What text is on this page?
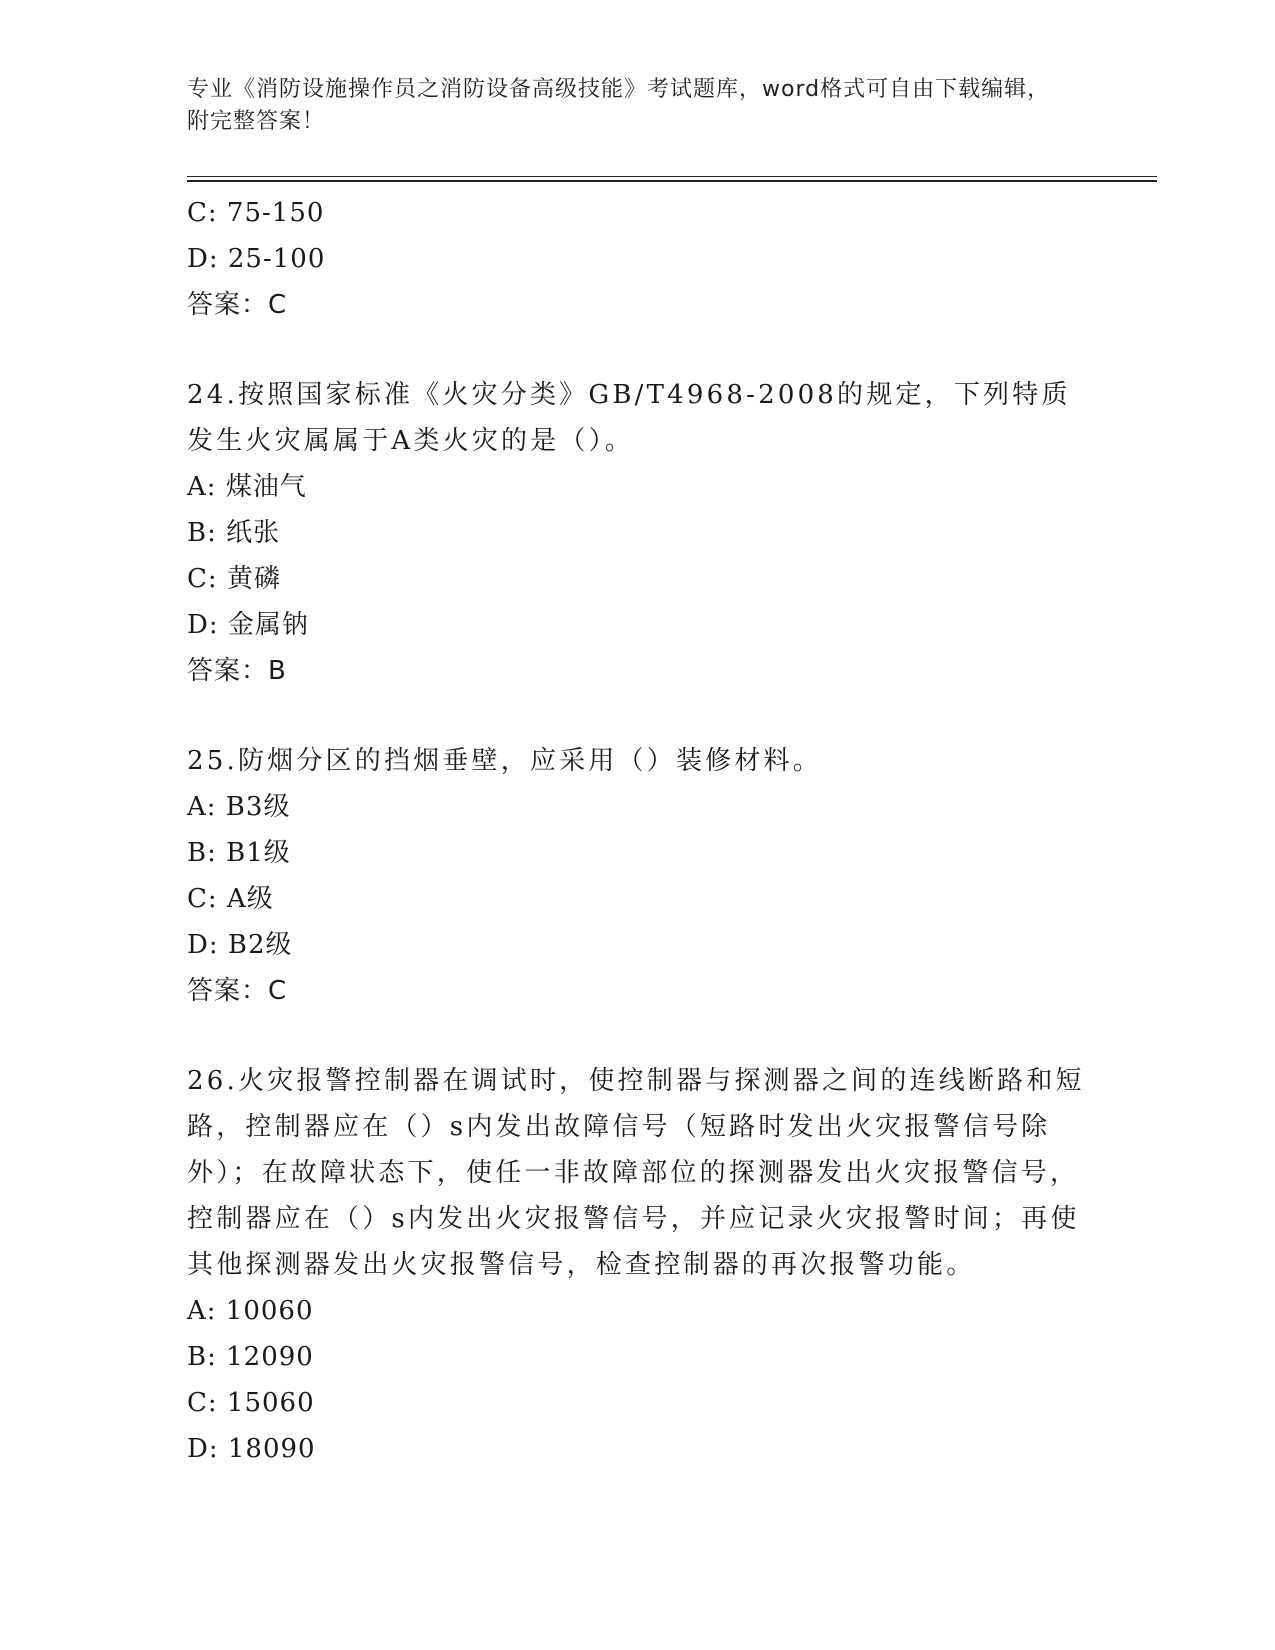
专业《消防设施操作员之消防设备高级技能》考试题库，word格式可自由下载编辑，附完整答案！
C: 75-150
D: 25-100
答案：C
24.按照国家标准《火灾分类》GB/T4968-2008的规定，下列特质发生火灾属属于A类火灾的是（）。
A: 煤油气
B: 纸张
C: 黄磷
D: 金属钠
答案：B
25.防烟分区的挡烟垂壁，应采用（）装修材料。
A: B3级
B: B1级
C: A级
D: B2级
答案：C
26.火灾报警控制器在调试时，使控制器与探测器之间的连线断路和短路，控制器应在（）s内发出故障信号（短路时发出火灾报警信号除外）；在故障状态下，使任一非故障部位的探测器发出火灾报警信号，控制器应在（）s内发出火灾报警信号，并应记录火灾报警时间；再使其他探测器发出火灾报警信号，检查控制器的再次报警功能。
A: 10060
B: 12090
C: 15060
D: 18090
